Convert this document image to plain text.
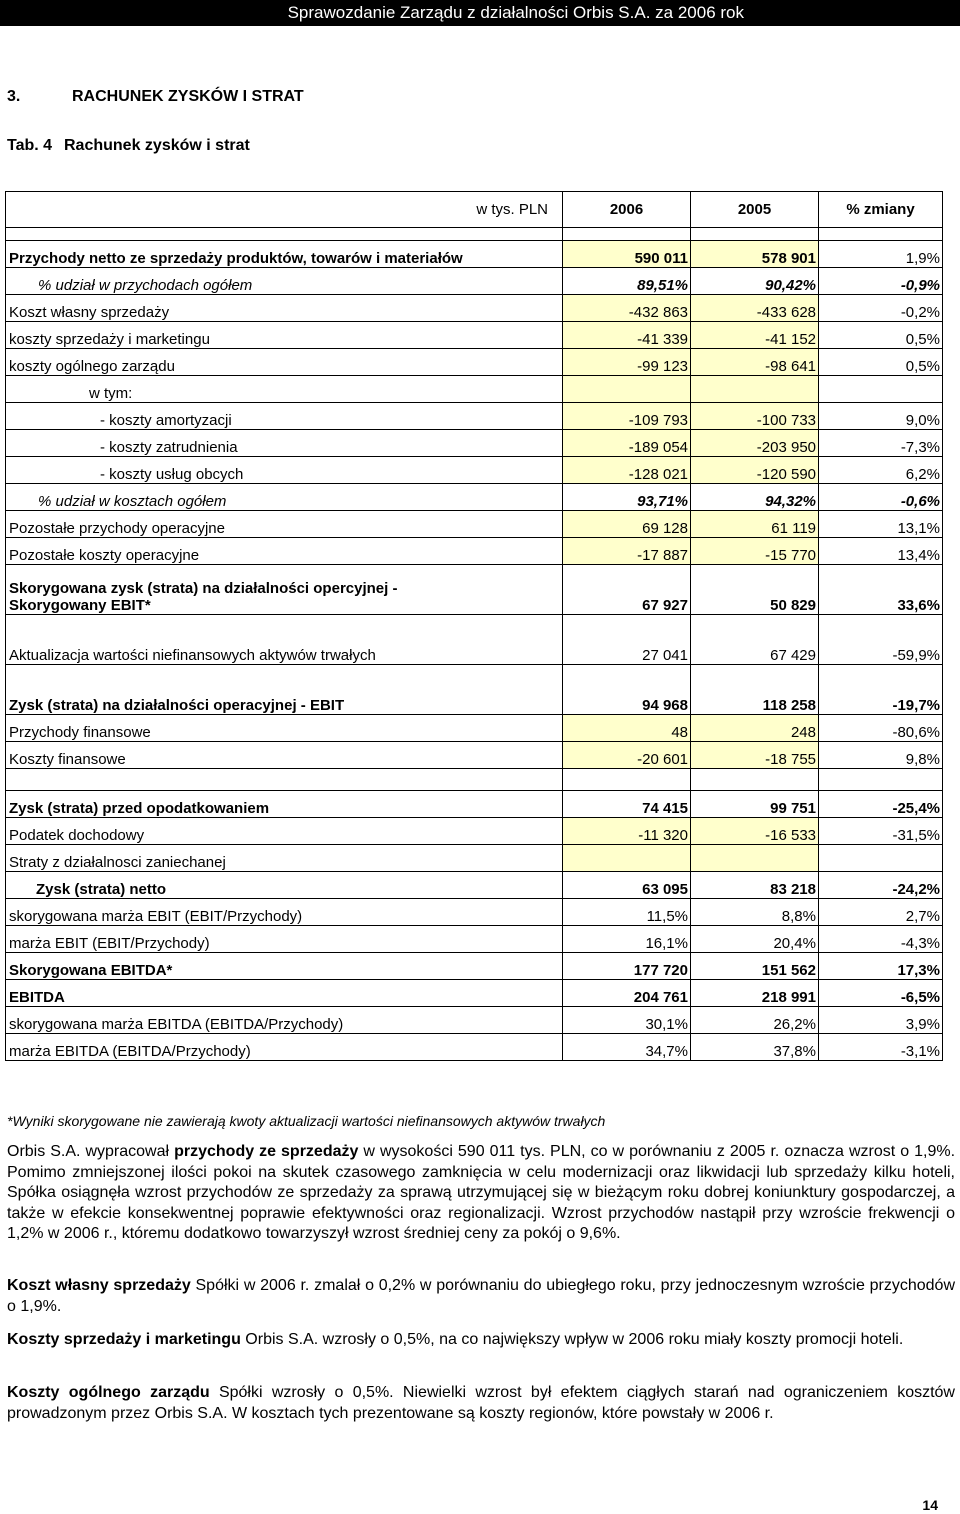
Sprawozdanie Zarządu z działalności Orbis S.A. za 2006 rok
3.	RACHUNEK ZYSKÓW I STRAT
Tab. 4 Rachunek zysków i strat
w tys. PLN	2006	2005	% zmiany

Przychody netto ze sprzedaży produktów, towarów i materiałów	590 011	578 901	1,9%
% udział w przychodach ogółem	89,51%	90,42%	-0,9%
Koszt własny sprzedaży	-432 863	-433 628	-0,2%
koszty sprzedaży i marketingu	-41 339	-41 152	0,5%
koszty ogólnego zarządu	-99 123	-98 641	0,5%
w tym:			
- koszty amortyzacji	-109 793	-100 733	9,0%
- koszty zatrudnienia	-189 054	-203 950	-7,3%
- koszty usług obcych	-128 021	-120 590	6,2%
% udział w kosztach ogółem	93,71%	94,32%	-0,6%
Pozostałe przychody operacyjne	69 128	61 119	13,1%
Pozostałe koszty operacyjne	-17 887	-15 770	13,4%
Skorygowana zysk (strata) na działalności opercyjnej -
Skorygowany EBIT*	67 927	50 829	33,6%
Aktualizacja wartości niefinansowych aktywów trwałych	27 041	67 429	-59,9%
Zysk (strata) na działalności operacyjnej - EBIT	94 968	118 258	-19,7%
Przychody finansowe	48	248	-80,6%
Koszty finansowe	-20 601	-18 755	9,8%

Zysk (strata) przed opodatkowaniem	74 415	99 751	-25,4%
Podatek dochodowy	-11 320	-16 533	-31,5%
Straty z działalnosci zaniechanej			
Zysk (strata) netto	63 095	83 218	-24,2%
skorygowana marża EBIT (EBIT/Przychody)	11,5%	8,8%	2,7%
marża EBIT (EBIT/Przychody)	16,1%	20,4%	-4,3%
Skorygowana EBITDA*	177 720	151 562	17,3%
EBITDA	204 761	218 991	-6,5%
skorygowana marża EBITDA (EBITDA/Przychody)	30,1%	26,2%	3,9%
marża EBITDA (EBITDA/Przychody)	34,7%	37,8%	-3,1%
*Wyniki skorygowane nie zawierają kwoty aktualizacji wartości niefinansowych aktywów trwałych
Orbis S.A. wypracował przychody ze sprzedaży w wysokości 590 011 tys. PLN, co w porównaniu z 2005 r. oznacza wzrost o 1,9%. Pomimo zmniejszonej ilości pokoi na skutek czasowego zamknięcia w celu modernizacji oraz likwidacji lub sprzedaży kilku hoteli, Spółka osiągnęła wzrost przychodów ze sprzedaży za sprawą utrzymującej się w bieżącym roku dobrej koniunktury gospodarczej, a także w efekcie konsekwentnej poprawie efektywności oraz regionalizacji. Wzrost przychodów nastąpił przy wzroście frekwencji o 1,2% w 2006 r., któremu dodatkowo towarzyszył wzrost średniej ceny za pokój o 9,6%.
Koszt własny sprzedaży Spółki w 2006 r. zmalał o 0,2% w porównaniu do ubiegłego roku, przy jednoczesnym wzroście przychodów o 1,9%.
Koszty sprzedaży i marketingu Orbis S.A. wzrosły o 0,5%, na co największy wpływ w 2006 roku miały koszty promocji hoteli.
Koszty ogólnego zarządu Spółki wzrosły o 0,5%. Niewielki wzrost był efektem ciągłych starań nad ograniczeniem kosztów prowadzonym przez Orbis S.A. W kosztach tych prezentowane są koszty regionów, które powstały w 2006 r.
14
